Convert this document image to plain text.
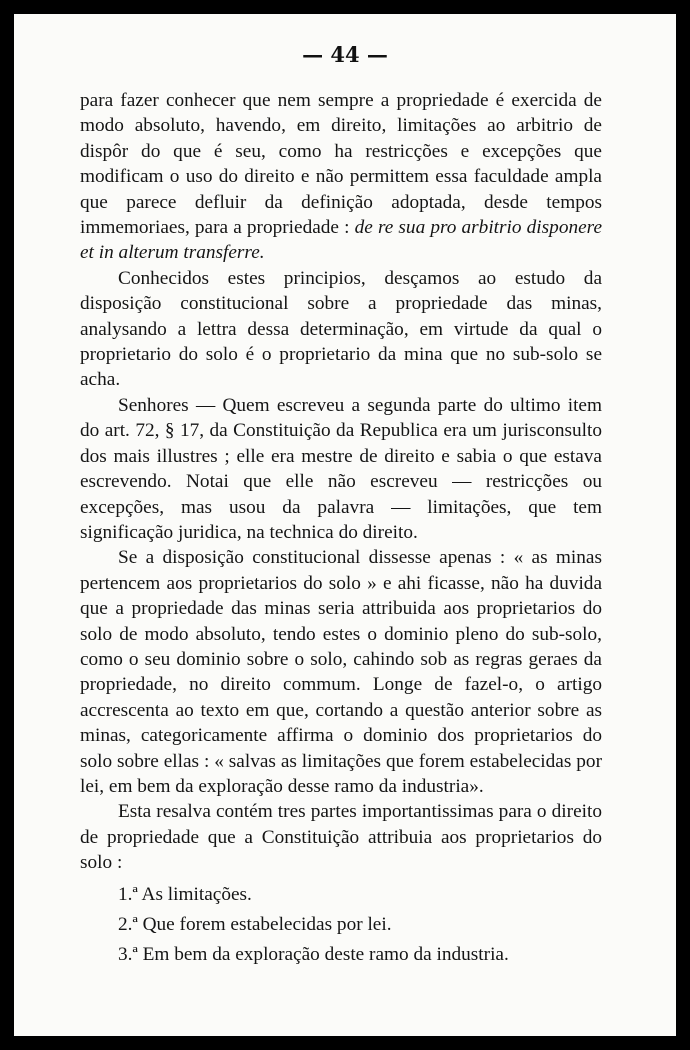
— 44 —

para fazer conhecer que nem sempre a propriedade é exercida de modo absoluto, havendo, em direito, limitações ao arbitrio de dispôr do que é seu, como ha restricções e excepções que modificam o uso do direito e não permittem essa faculdade ampla que parece defluir da definição adoptada, desde tempos immemoriaes, para a propriedade : de re sua pro arbitrio disponere et in alterum transferre.

Conhecidos estes principios, desçamos ao estudo da disposição constitucional sobre a propriedade das minas, analysando a lettra dessa determinação, em virtude da qual o proprietario do solo é o proprietario da mina que no sub-solo se acha.

Senhores — Quem escreveu a segunda parte do ultimo item do art. 72, § 17, da Constituição da Republica era um jurisconsulto dos mais illustres ; elle era mestre de direito e sabia o que estava escrevendo. Notai que elle não escreveu — restricções ou excepções, mas usou da palavra — limitações, que tem significação juridica, na technica do direito.

Se a disposição constitucional dissesse apenas : « as minas pertencem aos proprietarios do solo » e ahi ficasse, não ha duvida que a propriedade das minas seria attribuida aos proprietarios do solo de modo absoluto, tendo estes o dominio pleno do sub-solo, como o seu dominio sobre o solo, cahindo sob as regras geraes da propriedade, no direito commum. Longe de fazel-o, o artigo accrescenta ao texto em que, cortando a questão anterior sobre as minas, categoricamente affirma o dominio dos proprietarios do solo sobre ellas : « salvas as limitações que forem estabelecidas por lei, em bem da exploração desse ramo da industria».

Esta resalva contém tres partes importantissimas para o direito de propriedade que a Constituição attribuia aos proprietarios do solo :

1.ª As limitações.
2.ª Que forem estabelecidas por lei.
3.ª Em bem da exploração deste ramo da industria.
